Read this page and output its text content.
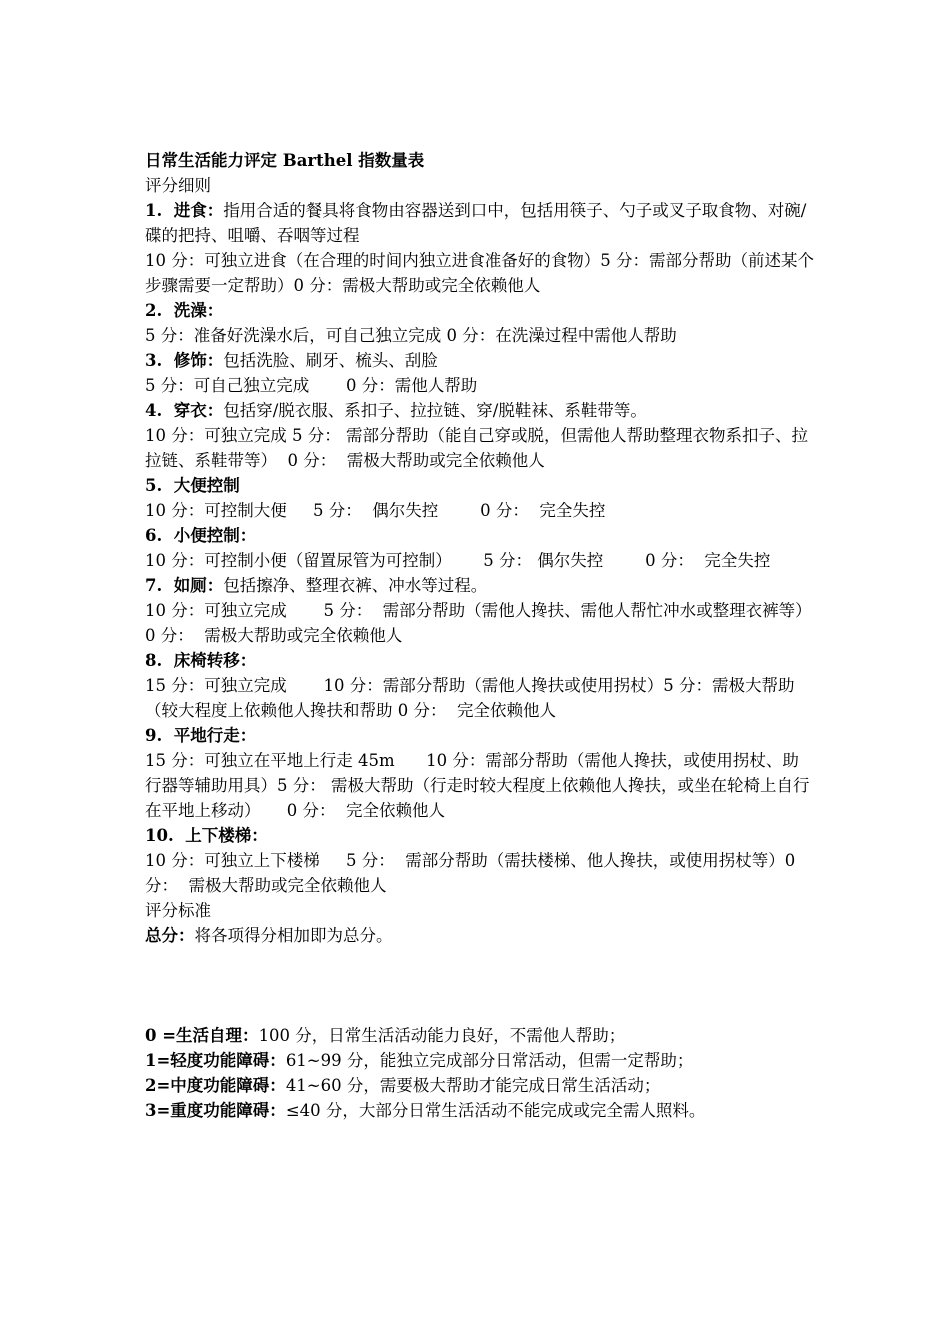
日常生活能力评定 Barthel 指数量表
评分细则
1.  进食：指用合适的餐具将食物由容器送到口中，包括用筷子、勺子或叉子取食物、对碗/碟的把持、咀嚼、吞咽等过程
10 分：可独立进食（在合理的时间内独立进食准备好的食物）5 分：需部分帮助（前述某个步骤需要一定帮助）0 分：需极大帮助或完全依赖他人
2.  洗澡：
5 分：准备好洗澡水后，可自己独立完成 0 分：在洗澡过程中需他人帮助
3.  修饰：包括洗脸、刷牙、梳头、刮脸
5 分：可自己独立完成       0 分：需他人帮助
4.  穿衣：包括穿/脱衣服、系扣子、拉拉链、穿/脱鞋袜、系鞋带等。
10 分：可独立完成 5 分： 需部分帮助（能自己穿或脱，但需他人帮助整理衣物系扣子、拉拉链、系鞋带等）  0 分：  需极大帮助或完全依赖他人
5.  大便控制
10 分：可控制大便     5 分：  偶尔失控        0 分：  完全失控
6.  小便控制：
10 分：可控制小便（留置尿管为可控制）      5 分： 偶尔失控        0 分：  完全失控
7.  如厕：包括擦净、整理衣裤、冲水等过程。
10 分：可独立完成       5 分：  需部分帮助（需他人搀扶、需他人帮忙冲水或整理衣裤等）0 分：  需极大帮助或完全依赖他人
8.  床椅转移：
15 分：可独立完成       10 分：需部分帮助（需他人搀扶或使用拐杖）5 分：需极大帮助（较大程度上依赖他人搀扶和帮助 0 分：  完全依赖他人
9.  平地行走：
15 分：可独立在平地上行走 45m      10 分：需部分帮助（需他人搀扶，或使用拐杖、助行器等辅助用具）5 分： 需极大帮助（行走时较大程度上依赖他人搀扶，或坐在轮椅上自行在平地上移动）     0 分：  完全依赖他人
10.  上下楼梯：
10 分：可独立上下楼梯     5 分：  需部分帮助（需扶楼梯、他人搀扶，或使用拐杖等）0 分：  需极大帮助或完全依赖他人
评分标准
总分：将各项得分相加即为总分。
0 =生活自理：100 分，日常生活活动能力良好，不需他人帮助；
1=轻度功能障碍：61~99 分，能独立完成部分日常活动，但需一定帮助；
2=中度功能障碍：41~60 分，需要极大帮助才能完成日常生活活动；
3=重度功能障碍：≤40 分，大部分日常生活活动不能完成或完全需人照料。
